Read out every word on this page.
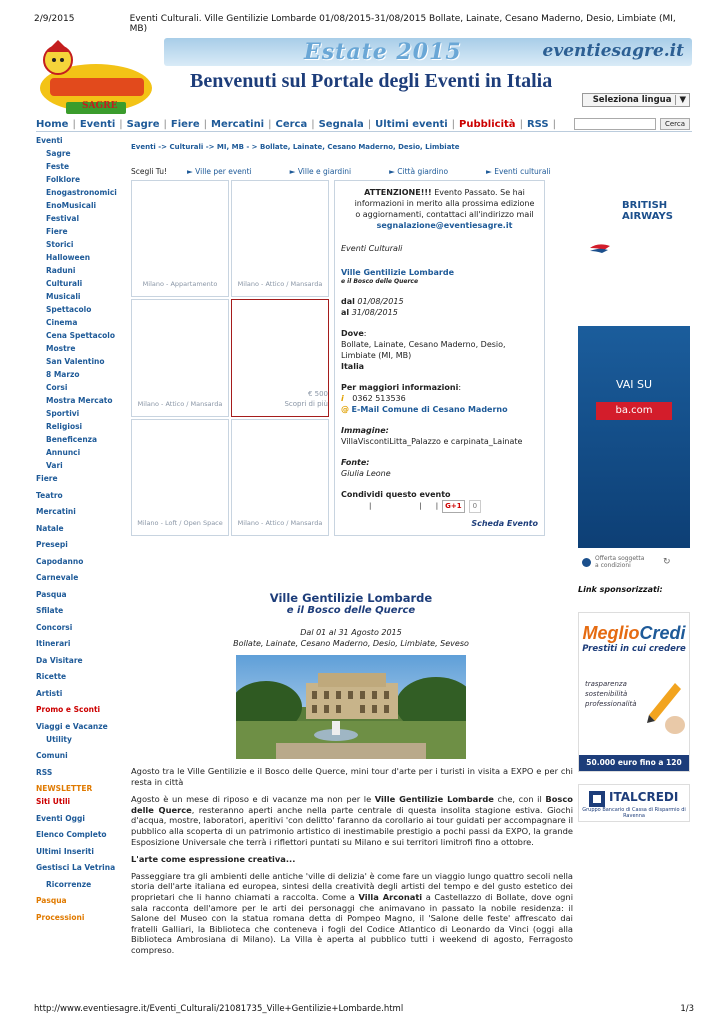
2/9/2015	Eventi Culturali. Ville Gentilizie Lombarde 01/08/2015-31/08/2015 Bollate, Lainate, Cesano Maderno, Desio, Limbiate (MI, MB)
http://www.eventiesagre.it/Eventi_Culturali/21081735_Ville+Gentilizie+Lombarde.html	1/3
SAGRE
Estate 2015	eventiesagre.it
Benvenuti sul Portale degli Eventi in Italia
Seleziona lingua ▼
Home | Eventi | Sagre | Fiere | Mercatini | Cerca | Segnala | Ultimi eventi | Pubblicità | RSS |	Cerca
Eventi
Sagre
Feste
Folklore
Enogastronomici
EnoMusicali
Festival
Fiere
Storici
Halloween
Raduni
Culturali
Musicali
Spettacolo
Cinema
Cena Spettacolo
Mostre
San Valentino
8 Marzo
Corsi
Mostra Mercato
Sportivi
Religiosi
Beneficenza
Annunci
Vari
Fiere
Teatro
Mercatini
Natale
Presepi
Capodanno
Carnevale
Pasqua
Sfilate
Concorsi
Itinerari
Da Visitare
Ricette
Artisti
Promo e Sconti
Viaggi e Vacanze
Utility
Comuni
RSS
NEWSLETTER
Siti Utili
Eventi Oggi
Elenco Completo
Ultimi Inseriti
Gestisci La Vetrina
Ricorrenze
Pasqua
Processioni
Eventi -> Culturali -> MI, MB - > Bollate, Lainate, Cesano Maderno, Desio, Limbiate
Scegli Tu!	► Ville per eventi	► Ville e giardini	► Città giardino	► Eventi culturali
Milano - Appartamento	Milano - Attico / Mansarda
Milano - Attico / Mansarda
€ 500
Scopri di più
Milano - Loft / Open Space	Milano - Attico / Mansarda
ATTENZIONE!!! Evento Passato. Se hai informazioni in merito alla prossima edizione o aggiornamenti, contattaci all'indirizzo mail
segnalazione@eventiesagre.it
Eventi Culturali
Ville Gentilizie Lombarde
e il Bosco delle Querce
dal 01/08/2015
al 31/08/2015
Dove:
Bollate, Lainate, Cesano Maderno, Desio, Limbiate (MI, MB)
Italia
Per maggiori informazioni:
i 0362 513536
@ E-Mail Comune di Cesano Maderno
Immagine:
VillaViscontiLitta_Palazzo e carpinata_Lainate
Fonte:
Giulia Leone
Condividi questo evento
|	| |	G+1	0
Scheda Evento
BRITISH AIRWAYS
VAI SU
ba.com
Offerta soggetta a condizioni	↻
Link sponsorizzati:
MeglioCredi
Prestiti in cui credere
trasparenza sostenibilità professionalità
50.000 euro fino a 120 mesi
ITALCREDI
Gruppo Bancario di Cassa di Risparmio di Ravenna
Ville Gentilizie Lombarde
e il Bosco delle Querce
Dal 01 al 31 Agosto 2015
Bollate, Lainate, Cesano Maderno, Desio, Limbiate, Seveso

Agosto tra le Ville Gentilizie e il Bosco delle Querce, mini tour d'arte per i turisti in visita a EXPO e per chi resta in città

Agosto è un mese di riposo e di vacanze ma non per le Ville Gentilizie Lombarde che, con il Bosco delle Querce, resteranno aperti anche nella parte centrale di questa insolita stagione estiva. Giochi d'acqua, mostre, laboratori, aperitivi 'con delitto' faranno da corollario ai tour guidati per accompagnare il pubblico alla scoperta di un patrimonio artistico di inestimabile prestigio a pochi passi da EXPO, la grande Esposizione Universale che terrà i riflettori puntati su Milano e sui territori limitrofi fino a ottobre.

L'arte come espressione creativa...

Passeggiare tra gli ambienti delle antiche 'ville di delizia' è come fare un viaggio lungo quattro secoli nella storia dell'arte italiana ed europea, sintesi della creatività degli artisti del tempo e del gusto estetico dei proprietari che li hanno chiamati a raccolta. Come a Villa Arconati a Castellazzo di Bollate, dove ogni sala racconta dell'amore per le arti dei personaggi che animavano in passato la nobile residenza: il Salone del Museo con la statua romana detta di Pompeo Magno, il 'Salone delle feste' affrescato dai fratelli Galliari, la Biblioteca che conteneva i fogli del Codice Atlantico di Leonardo da Vinci (oggi alla Biblioteca Ambrosiana di Milano). La Villa è aperta al pubblico tutti i weekend di agosto, Ferragosto compreso.
